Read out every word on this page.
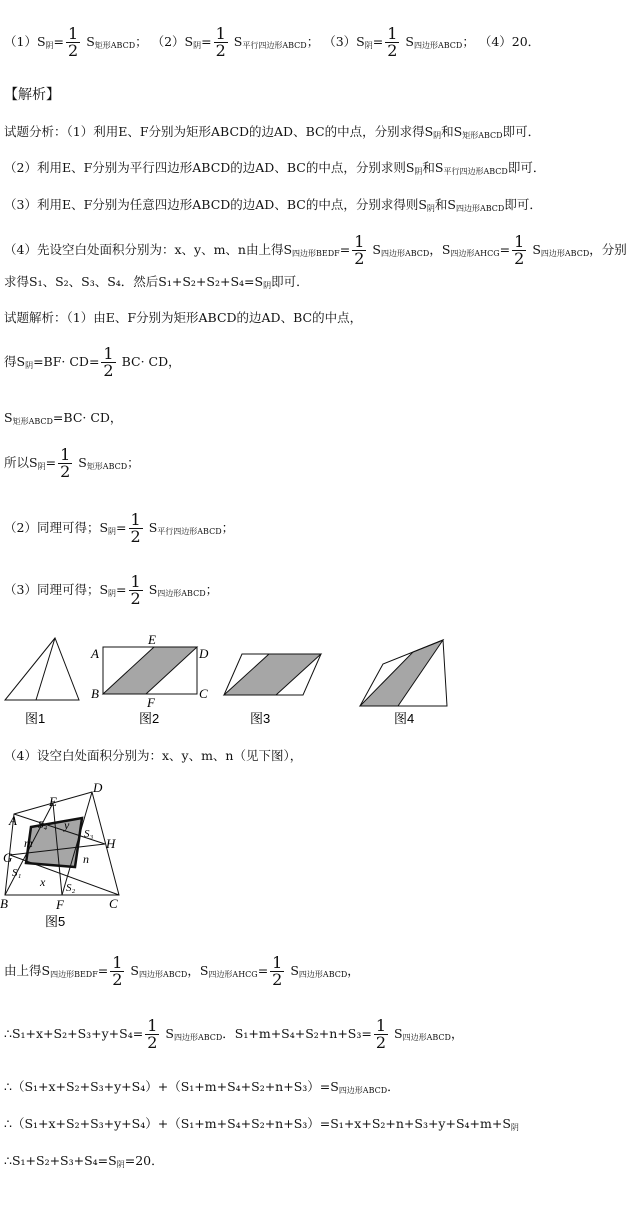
（1）S阴= $\frac{1}{2}$ S矩形ABCD； （2）S阴= $\frac{1}{2}$ S平行四边形ABCD； （3）S阴= $\frac{1}{2}$ S四边形ABCD； （4）20．
【解析】
试题分析：（1）利用E、F分别为矩形ABCD的边AD、BC的中点，分别求得S阴和S矩形ABCD即可．
（2）利用E、F分别为平行四边形ABCD的边AD、BC的中点，分别求则S阴和S平行四边形ABCD即可．
（3）利用E、F分别为任意四边形ABCD的边AD、BC的中点，分别求得则S阴和S四边形ABCD即可．
（4）先设空白处面积分别为：x、y、m、n由上得S四边形BEDF= $\frac{1}{2}$ S四边形ABCD，S四边形AHCG= $\frac{1}{2}$ S四边形ABCD，分别
求得S₁、S₂、S₃、S₄．然后S₁+S₂+S₂+S₄=S阴即可．
试题解析：（1）由E、F分别为矩形ABCD的边AD、BC的中点，
得S阴$=BF\cdot CD= \frac{1}{2} BC\cdot$ CD，
S矩形ABCD=BC· CD，
所以S阴= $\frac{1}{2}$ S矩形ABCD；
（2）同理可得；S阴= $\frac{1}{2}$ S平行四边形ABCD；
（3）同理可得；S阴= $\frac{1}{2}$ S四边形ABCD；
图1
A
E
D
B
F
C
图2	图3	图4
（4）设空白处面积分别为：x、y、m、n（见下图），
A
E
D
G
H
B	F	C
S₄ y
S₃
m
n
S₁
x S₂
图5
由上得S四边形BEDF= $\frac{1}{2}$ S四边形ABCD，S四边形AHCG= $\frac{1}{2}$ S四边形ABCD，
∴S₁+x+S₂+S₃+y+S₄= $\frac{1}{2}$ S四边形ABCD．$S_1+m+S_4+S_2+n+S_3= \frac{1}{2}$ S四边形ABCD，
∴（S₁+x+S₂+S₃+y+S₄）+（S₁+m+S₄+S₂+n+S₃）=S四边形ABCD．
∴（S₁+x+S₂+S₃+y+S₄）+（S₁+m+S₄+S₂+n+S₃）=S₁+x+S₂+n+S₃+y+S₄+m+S阴
∴S₁+S₂+S₃+S₄=S阴=20．
